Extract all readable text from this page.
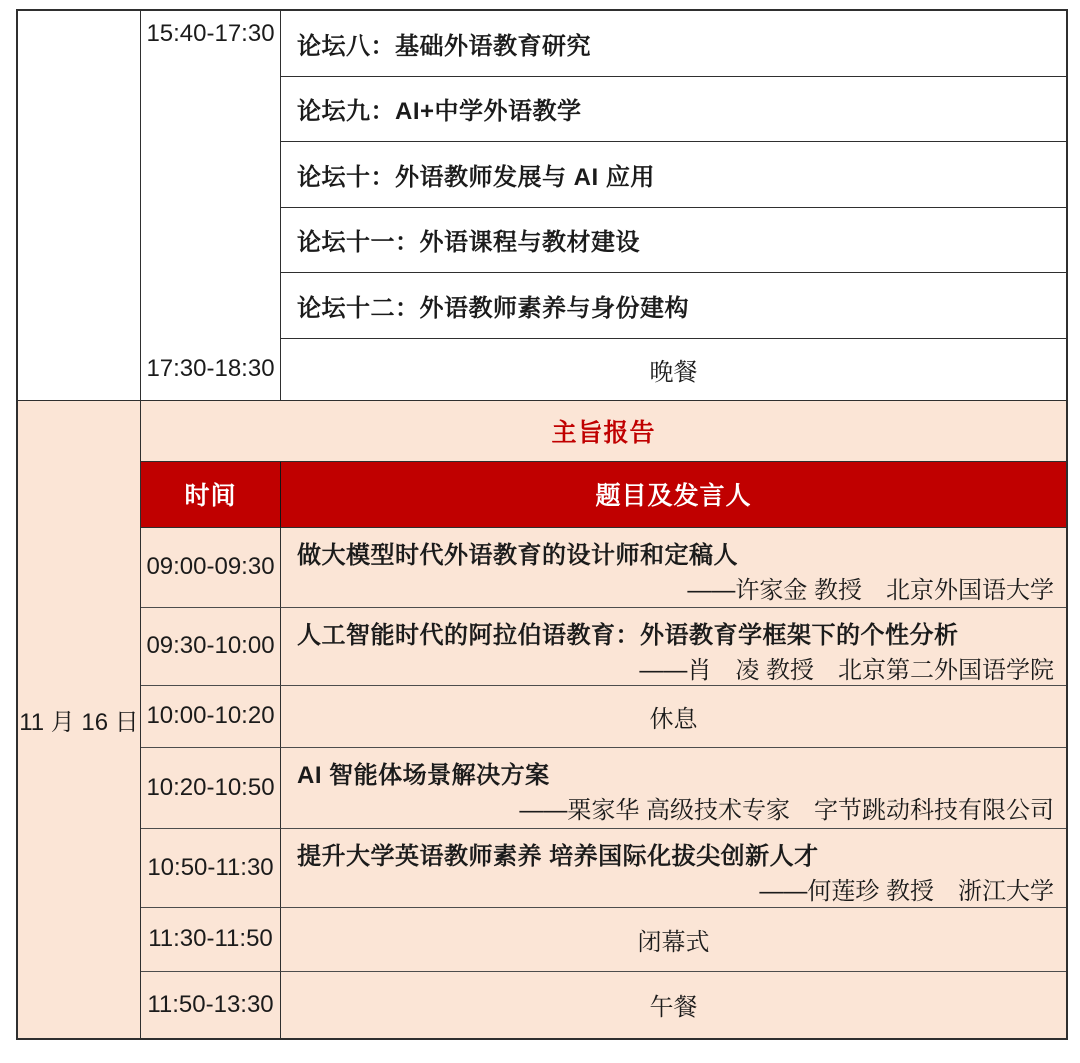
15:40-17:30 论坛八：基础外语教育研究
论坛九：AI+中学外语教学
论坛十：外语教师发展与 AI 应用
论坛十一：外语课程与教材建设
论坛十二：外语教师素养与身份建构
17:30-18:30	晚餐
11 月 16 日
主旨报告
时间	题目及发言人
09:00-09:30 做大模型时代外语教育的设计师和定稿人
——许家金 教授　北京外国语大学
09:30-10:00 人工智能时代的阿拉伯语教育：外语教育学框架下的个性分析
——肖　凌 教授　北京第二外国语学院
10:00-10:20	休息
10:20-10:50 AI 智能体场景解决方案
——栗家华 高级技术专家　字节跳动科技有限公司
10:50-11:30 提升大学英语教师素养 培养国际化拔尖创新人才
——何莲珍 教授　浙江大学
11:30-11:50	闭幕式
11:50-13:30	午餐
